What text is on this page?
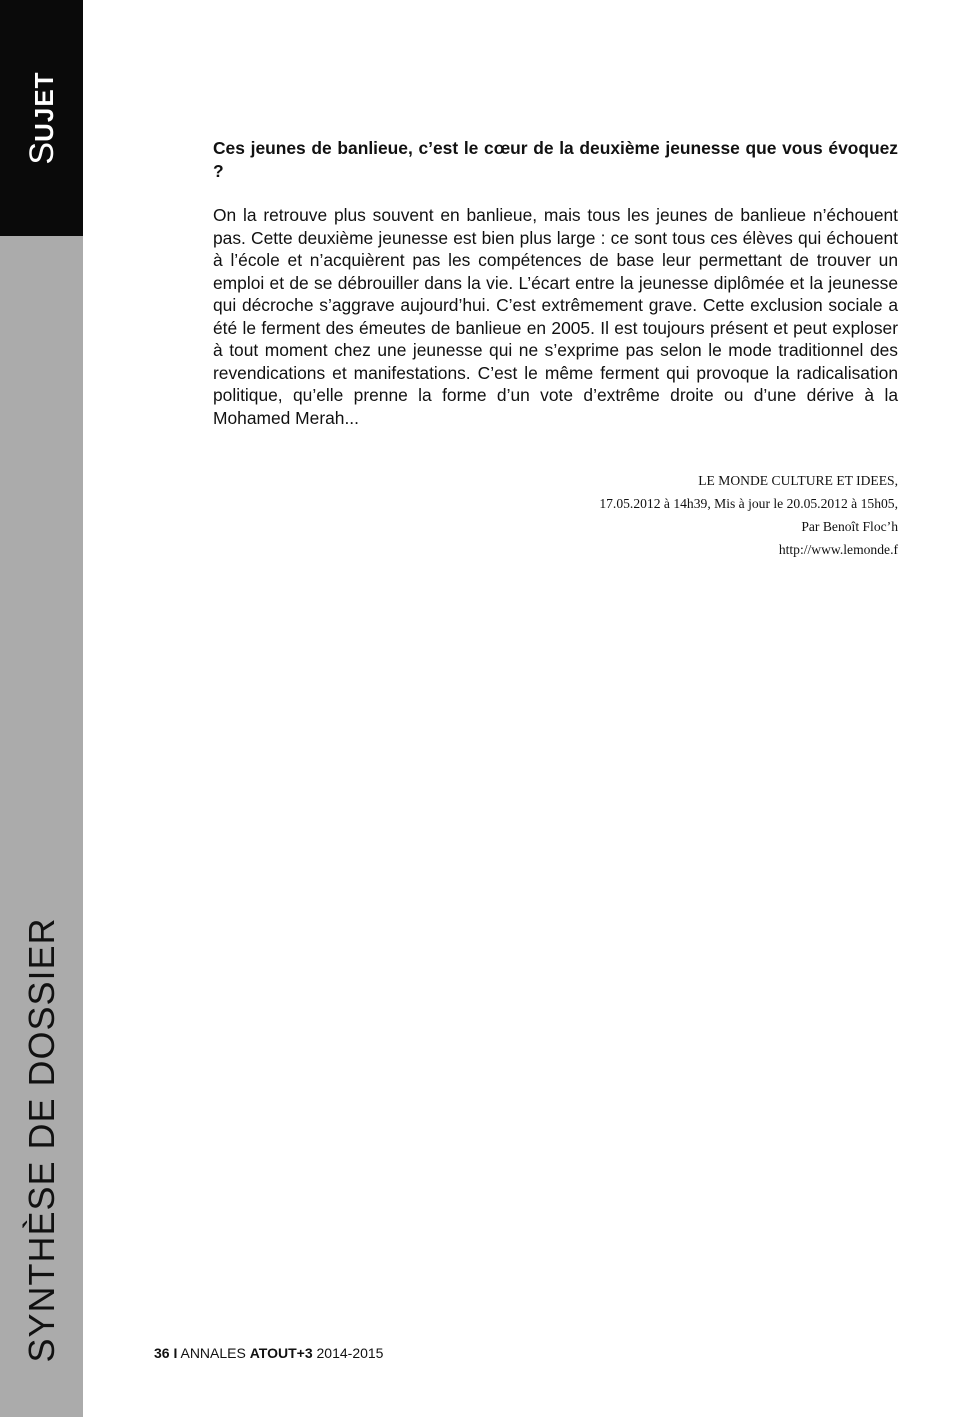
SUJET
SYNTHÈSE DE DOSSIER

Ces jeunes de banlieue, c’est le cœur de la deuxième jeunesse que vous évoquez ?

On la retrouve plus souvent en banlieue, mais tous les jeunes de banlieue n’échouent pas. Cette deuxième jeunesse est bien plus large : ce sont tous ces élèves qui échouent à l’école et n’acquièrent pas les compétences de base leur permettant de trouver un emploi et de se débrouiller dans la vie. L’écart entre la jeunesse diplômée et la jeunesse qui décroche s’aggrave aujourd’hui. C’est extrêmement grave. Cette exclusion sociale a été le ferment des émeutes de banlieue en 2005. Il est toujours présent et peut exploser à tout moment chez une jeunesse qui ne s’exprime pas selon le mode traditionnel des revendications et manifestations. C’est le même ferment qui provoque la radicalisation politique, qu’elle prenne la forme d’un vote d’extrême droite ou d’une dérive à la Mohamed Merah...

LE MONDE CULTURE ET IDEES,
17.05.2012 à 14h39, Mis à jour le 20.05.2012 à 15h05,
Par Benoît Floc’h
http://www.lemonde.f
36 I ANNALES ATOUT+3 2014-2015
